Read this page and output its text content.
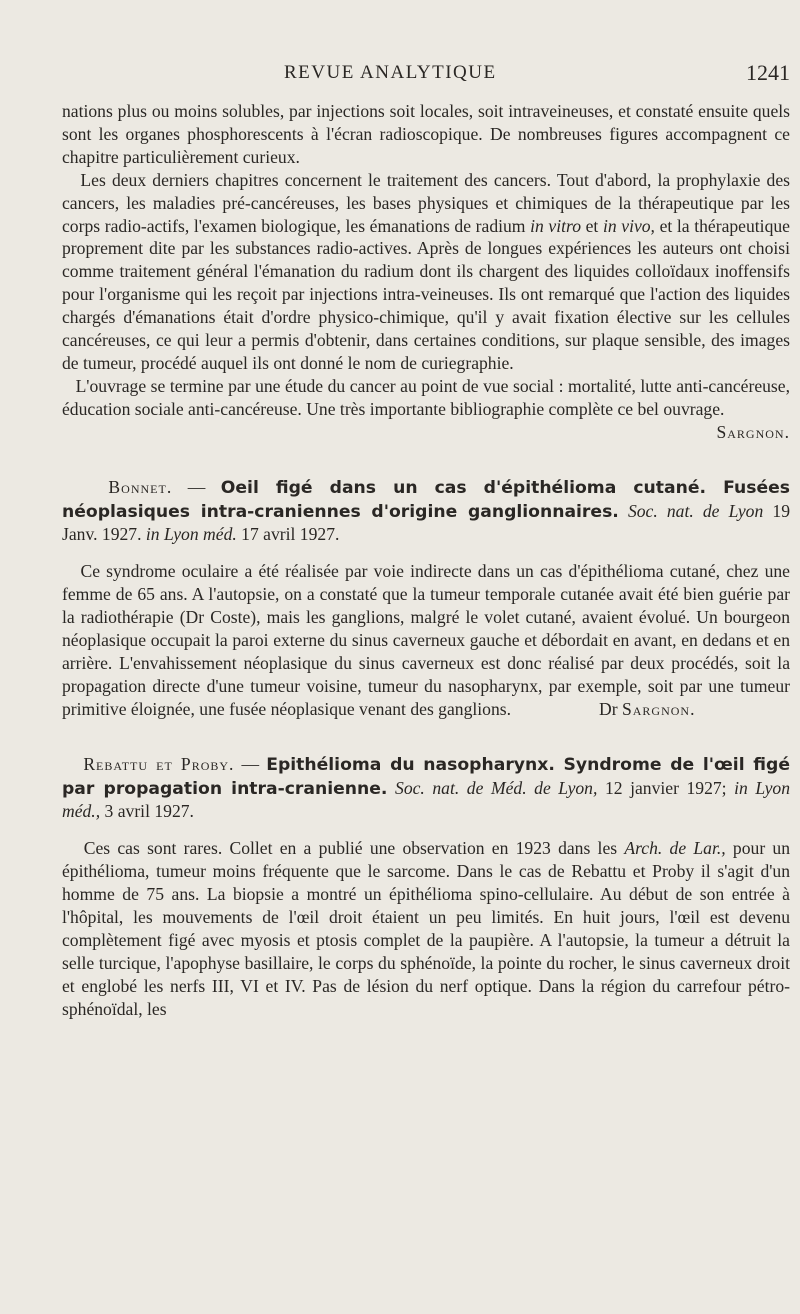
REVUE ANALYTIQUE	1241

nations plus ou moins solubles, par injections soit locales, soit intraveineuses, et constaté ensuite quels sont les organes phosphorescents à l'écran radioscopique. De nombreuses figures accompagnent ce chapitre particulièrement curieux.

Les deux derniers chapitres concernent le traitement des cancers. Tout d'abord, la prophylaxie des cancers, les maladies pré-cancéreuses, les bases physiques et chimiques de la thérapeutique par les corps radio-actifs, l'examen biologique, les émanations de radium in vitro et in vivo, et la thérapeutique proprement dite par les substances radio-actives. Après de longues expériences les auteurs ont choisi comme traitement général l'émanation du radium dont ils chargent des liquides colloïdaux inoffensifs pour l'organisme qui les reçoit par injections intra-veineuses. Ils ont remarqué que l'action des liquides chargés d'émanations était d'ordre physico-chimique, qu'il y avait fixation élective sur les cellules cancéreuses, ce qui leur a permis d'obtenir, dans certaines conditions, sur plaque sensible, des images de tumeur, procédé auquel ils ont donné le nom de curiegraphie.

L'ouvrage se termine par une étude du cancer au point de vue social : mortalité, lutte anti-cancéreuse, éducation sociale anti-cancéreuse. Une très importante bibliographie complète ce bel ouvrage.

Sargnon.

Bonnet. — Oeil figé dans un cas d'épithélioma cutané. Fusées néoplasiques intra-craniennes d'origine ganglionnaires. Soc. nat. de Lyon 19 Janv. 1927. in Lyon méd. 17 avril 1927.

Ce syndrome oculaire a été réalisée par voie indirecte dans un cas d'épithélioma cutané, chez une femme de 65 ans. A l'autopsie, on a constaté que la tumeur temporale cutanée avait été bien guérie par la radiothérapie (Dr Coste), mais les ganglions, malgré le volet cutané, avaient évolué. Un bourgeon néoplasique occupait la paroi externe du sinus caverneux gauche et débordait en avant, en dedans et en arrière. L'envahissement néoplasique du sinus caverneux est donc réalisé par deux procédés, soit la propagation directe d'une tumeur voisine, tumeur du nasopharynx, par exemple, soit par une tumeur primitive éloignée, une fusée néoplasique venant des ganglions.	Dr Sargnon.

Rebattu et Proby. — Epithélioma du nasopharynx. Syndrome de l'œil figé par propagation intra-cranienne. Soc. nat. de Méd. de Lyon, 12 janvier 1927; in Lyon méd., 3 avril 1927.

Ces cas sont rares. Collet en a publié une observation en 1923 dans les Arch. de Lar., pour un épithélioma, tumeur moins fréquente que le sarcome. Dans le cas de Rebattu et Proby il s'agit d'un homme de 75 ans. La biopsie a montré un épithélioma spino-cellulaire. Au début de son entrée à l'hôpital, les mouvements de l'œil droit étaient un peu limités. En huit jours, l'œil est devenu complètement figé avec myosis et ptosis complet de la paupière. A l'autopsie, la tumeur a détruit la selle turcique, l'apophyse basillaire, le corps du sphénoïde, la pointe du rocher, le sinus caverneux droit et englobé les nerfs III, VI et IV. Pas de lésion du nerf optique. Dans la région du carrefour pétro-sphénoïdal, les
